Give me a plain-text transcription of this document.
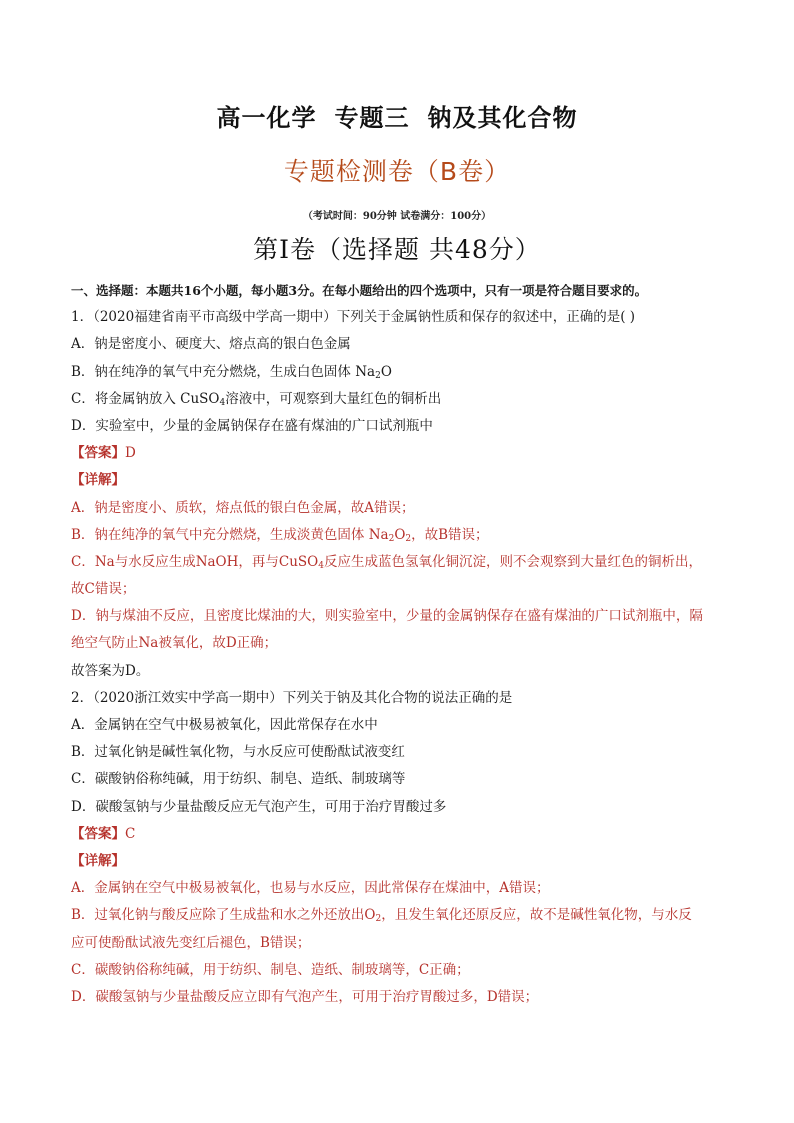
高一化学 专题三 钠及其化合物
专题检测卷（B卷）
（考试时间：90分钟 试卷满分：100分）
第Ⅰ卷（选择题 共48分）
一、选择题：本题共16个小题，每小题3分。在每小题给出的四个选项中，只有一项是符合题目要求的。
1．（2020福建省南平市高级中学高一期中）下列关于金属钠性质和保存的叙述中，正确的是( )
A．钠是密度小、硬度大、熔点高的银白色金属
B．钠在纯净的氧气中充分燃烧，生成白色固体 $Na_2O$
C．将金属钠放入 CuSO$_4$溶液中，可观察到大量红色的铜析出
D．实验室中，少量的金属钠保存在盛有煤油的广口试剂瓶中
【答案】D
【详解】
A．钠是密度小、质软，熔点低的银白色金属，故A错误；
B．钠在纯净的氧气中充分燃烧，生成淡黄色固体 $Na_2O_2$，故B错误；
C．Na与水反应生成NaOH，再与CuSO$_4$反应生成蓝色氢氧化铜沉淀，则不会观察到大量红色的铜析出，
故C错误；
D．钠与煤油不反应，且密度比煤油的大，则实验室中，少量的金属钠保存在盛有煤油的广口试剂瓶中，隔
绝空气防止Na被氧化，故D正确；
故答案为D。
2．（2020浙江效实中学高一期中）下列关于钠及其化合物的说法正确的是
A．金属钠在空气中极易被氧化，因此常保存在水中
B．过氧化钠是碱性氧化物，与水反应可使酚酞试液变红
C．碳酸钠俗称纯碱，用于纺织、制皂、造纸、制玻璃等
D．碳酸氢钠与少量盐酸反应无气泡产生，可用于治疗胃酸过多
【答案】C
【详解】
A．金属钠在空气中极易被氧化，也易与水反应，因此常保存在煤油中，A错误；
B．过氧化钠与酸反应除了生成盐和水之外还放出$O_2$，且发生氧化还原反应，故不是碱性氧化物，与水反
应可使酚酞试液先变红后褪色，B错误；
C．碳酸钠俗称纯碱，用于纺织、制皂、造纸、制玻璃等，C正确；
D．碳酸氢钠与少量盐酸反应立即有气泡产生，可用于治疗胃酸过多，D错误；
